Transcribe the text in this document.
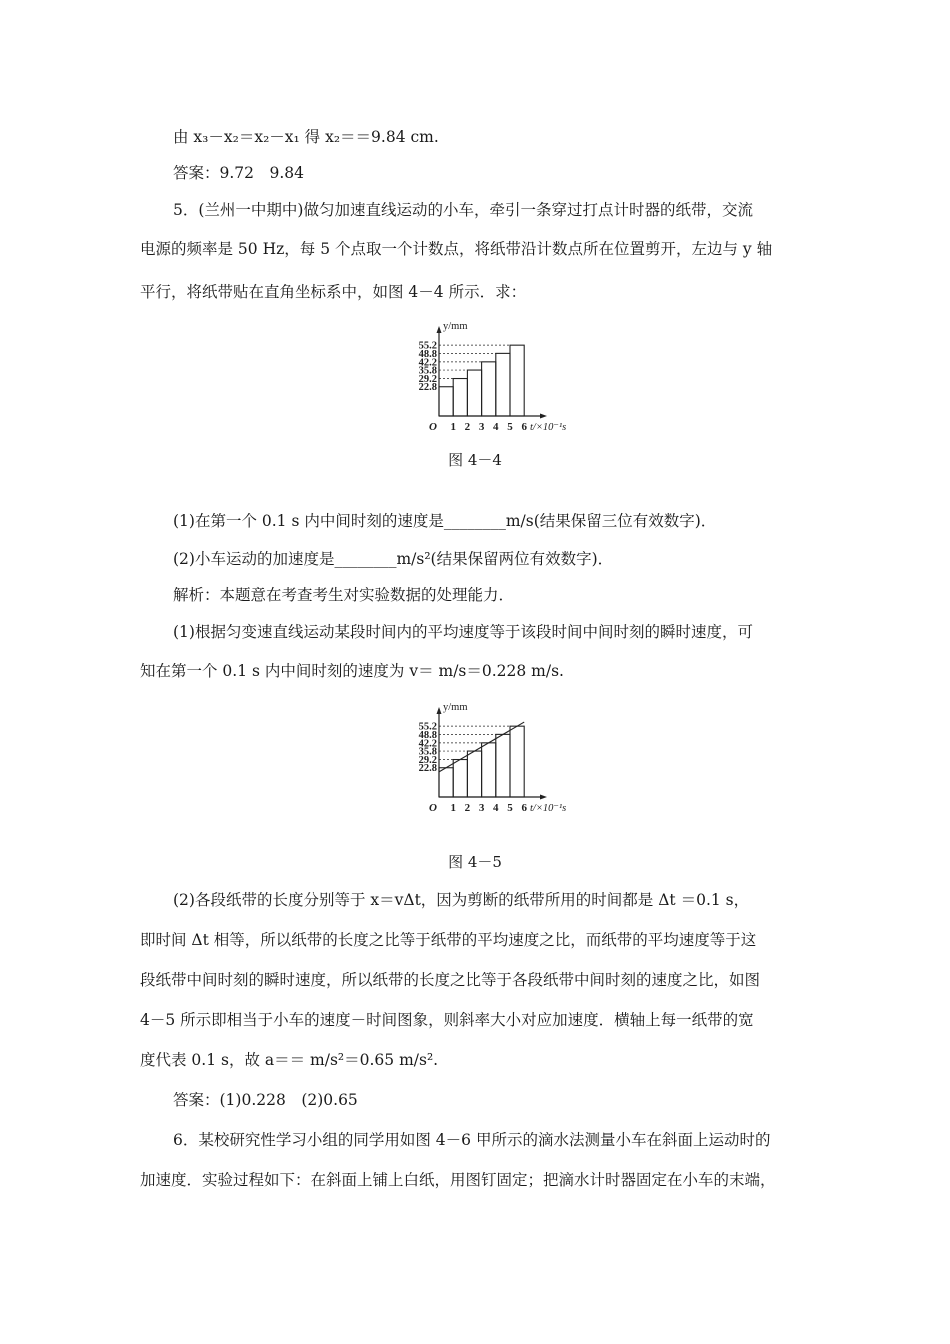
由 x₃－x₂＝x₂－x₁ 得 x₂＝＝9.84 cm.
答案：9.72　9.84
5．(兰州一中期中)做匀加速直线运动的小车，牵引一条穿过打点计时器的纸带，交流
电源的频率是 50 Hz，每 5 个点取一个计数点，将纸带沿计数点所在位置剪开，左边与 y 轴
平行，将纸带贴在直角坐标系中，如图 4－4 所示．求：
55.2
48.8
42.2
35.8
29.2
22.8
1 2 3 4 5 6
O
y/mm
t/×10⁻¹s
图 4－4
(1)在第一个 0.1 s 内中间时刻的速度是________m/s(结果保留三位有效数字)．
(2)小车运动的加速度是________m/s²(结果保留两位有效数字)．
解析：本题意在考查考生对实验数据的处理能力．
(1)根据匀变速直线运动某段时间内的平均速度等于该段时间中间时刻的瞬时速度，可
知在第一个 0.1 s 内中间时刻的速度为 v＝ m/s＝0.228 m/s.
55.2
48.8
42.2
35.8
29.2
22.8
1 2 3 4 5 6
O
y/mm
t/×10⁻¹s
图 4－5
(2)各段纸带的长度分别等于 x＝vΔt，因为剪断的纸带所用的时间都是 Δt ＝0.1 s，
即时间 Δt 相等，所以纸带的长度之比等于纸带的平均速度之比，而纸带的平均速度等于这
段纸带中间时刻的瞬时速度，所以纸带的长度之比等于各段纸带中间时刻的速度之比，如图
4－5 所示即相当于小车的速度－时间图象，则斜率大小对应加速度．横轴上每一纸带的宽
度代表 0.1 s，故 a＝＝ m/s²＝0.65 m/s².
答案：(1)0.228　(2)0.65
6．某校研究性学习小组的同学用如图 4－6 甲所示的滴水法测量小车在斜面上运动时的
加速度．实验过程如下：在斜面上铺上白纸，用图钉固定；把滴水计时器固定在小车的末端，
